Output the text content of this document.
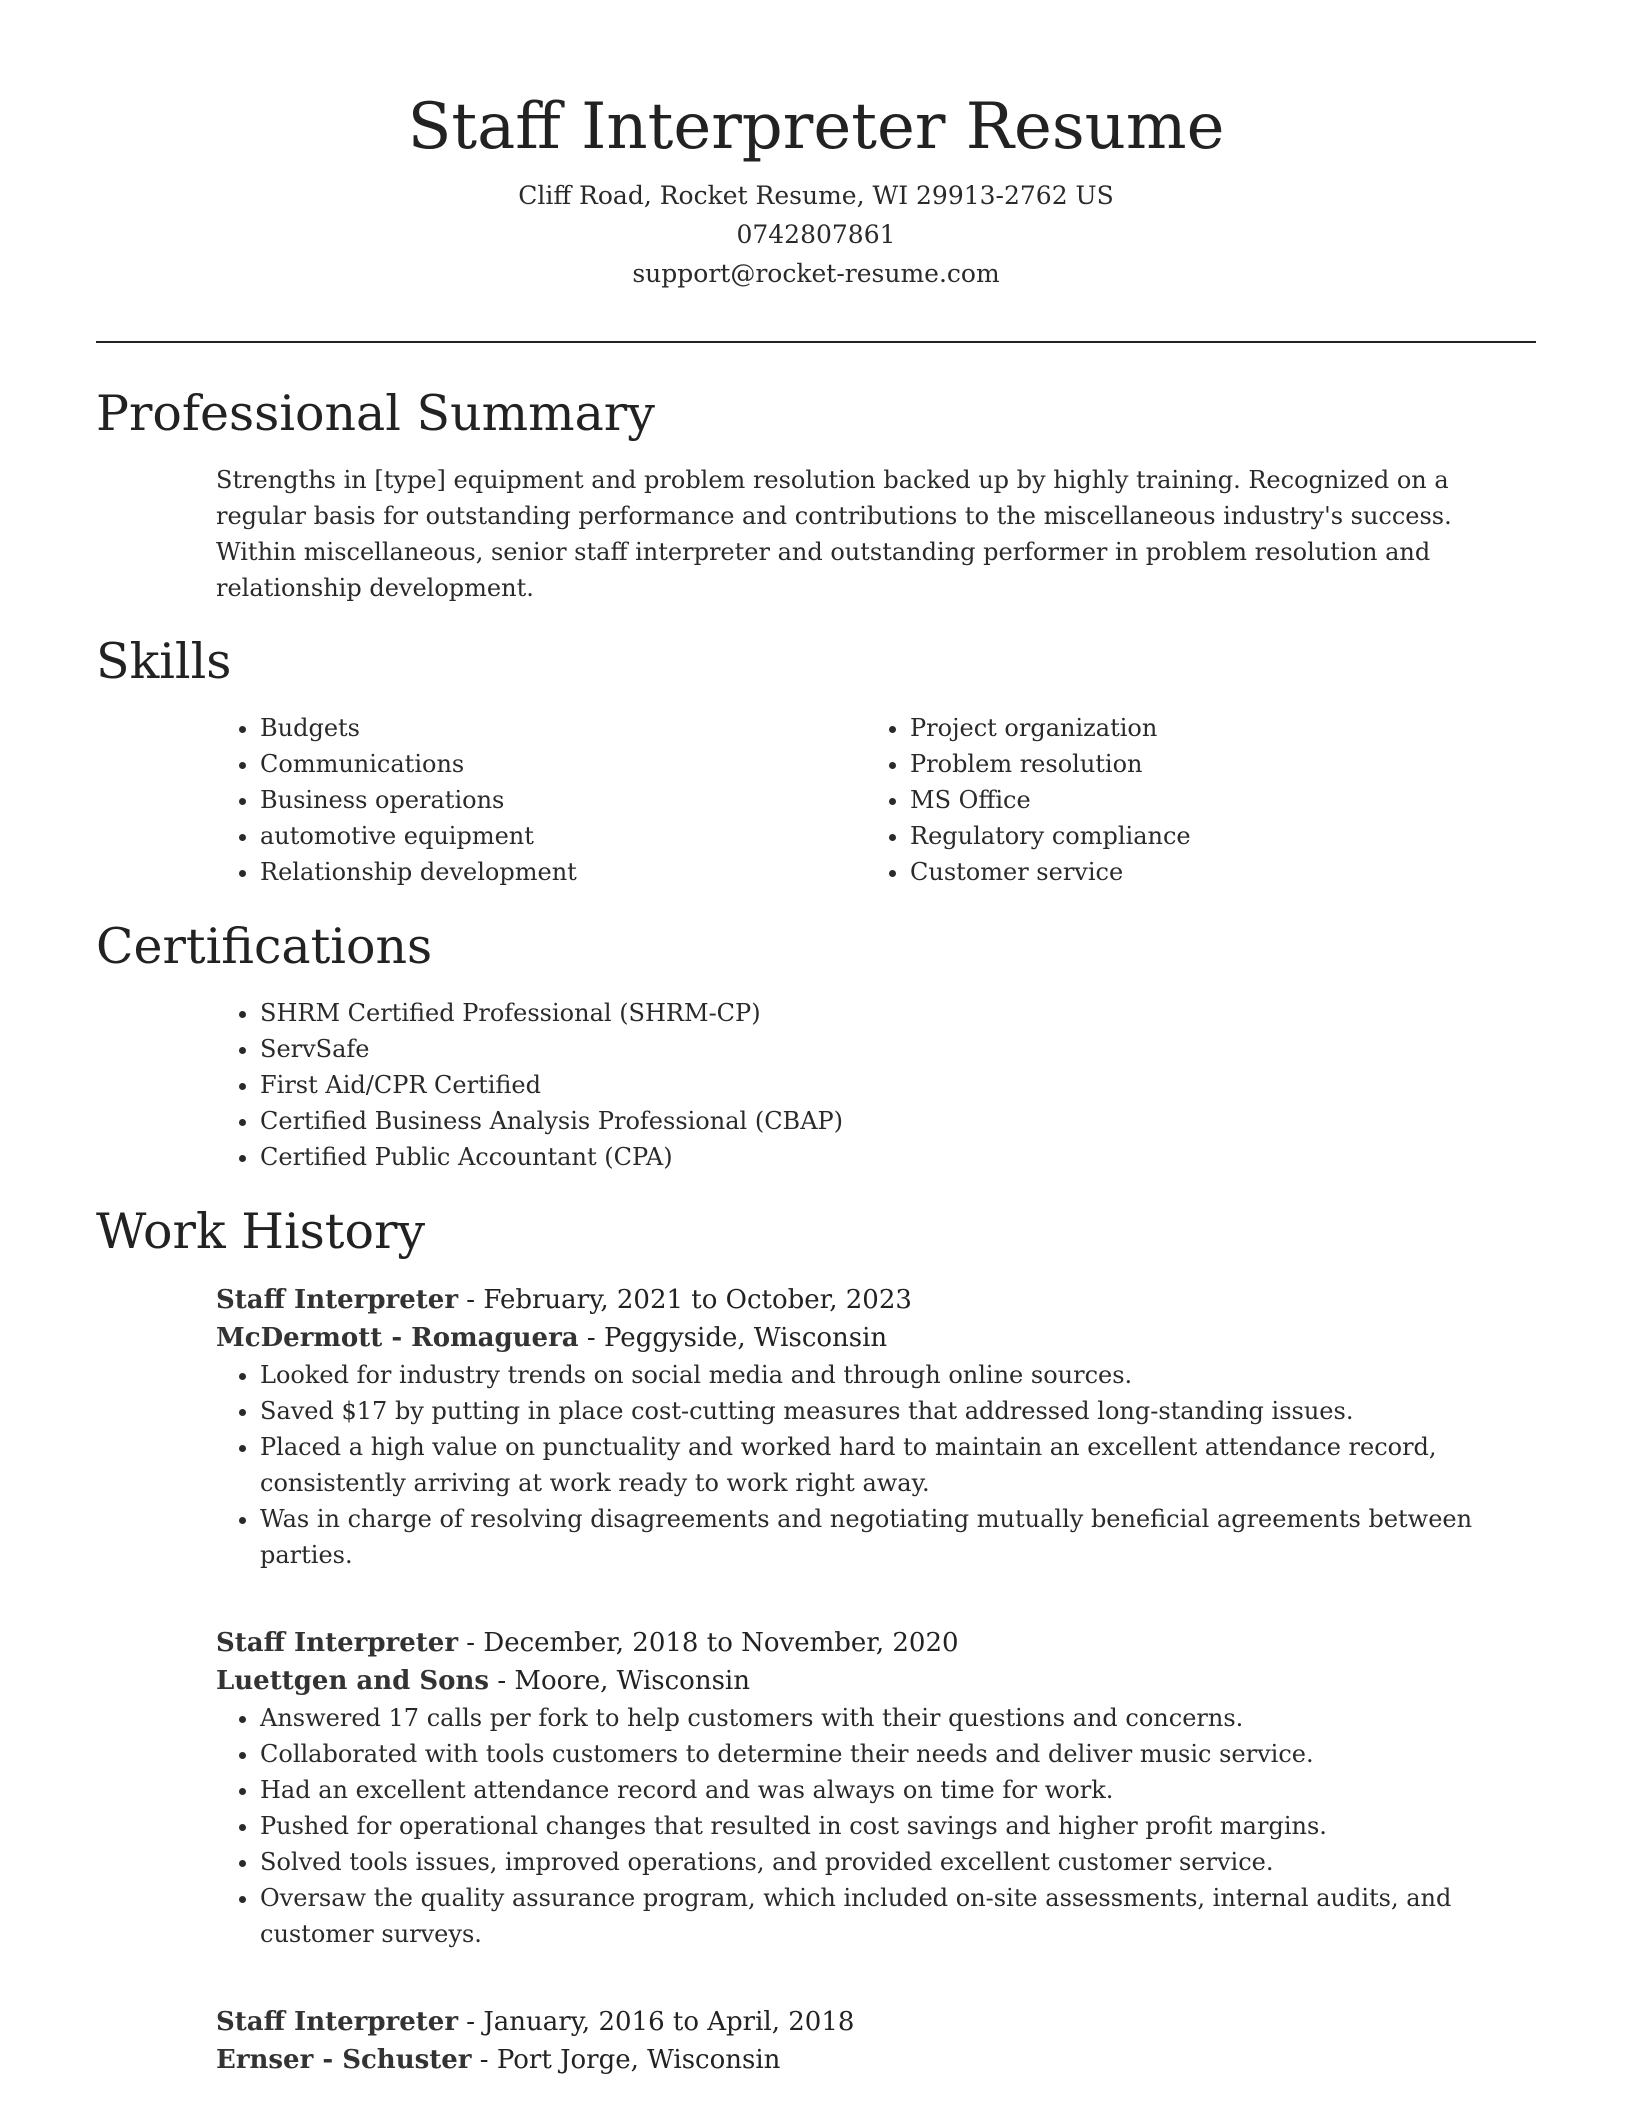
Staff Interpreter Resume
Cliff Road, Rocket Resume, WI 29913-2762 US
0742807861
support@rocket-resume.com
Professional Summary

Strengths in [type] equipment and problem resolution backed up by highly training. Recognized on a regular basis for outstanding performance and contributions to the miscellaneous industry's success. Within miscellaneous, senior staff interpreter and outstanding performer in problem resolution and relationship development.

Skills
• Budgets
• Communications
• Business operations
• automotive equipment
• Relationship development
• Project organization
• Problem resolution
• MS Office
• Regulatory compliance
• Customer service
Certifications
• SHRM Certified Professional (SHRM-CP)
• ServSafe
• First Aid/CPR Certified
• Certified Business Analysis Professional (CBAP)
• Certified Public Accountant (CPA)
Work History
Staff Interpreter - February, 2021 to October, 2023
McDermott - Romaguera - Peggyside, Wisconsin
• Looked for industry trends on social media and through online sources.
• Saved $17 by putting in place cost-cutting measures that addressed long-standing issues.
• Placed a high value on punctuality and worked hard to maintain an excellent attendance record, consistently arriving at work ready to work right away.
• Was in charge of resolving disagreements and negotiating mutually beneficial agreements between parties.
Staff Interpreter - December, 2018 to November, 2020
Luettgen and Sons - Moore, Wisconsin
• Answered 17 calls per fork to help customers with their questions and concerns.
• Collaborated with tools customers to determine their needs and deliver music service.
• Had an excellent attendance record and was always on time for work.
• Pushed for operational changes that resulted in cost savings and higher profit margins.
• Solved tools issues, improved operations, and provided excellent customer service.
• Oversaw the quality assurance program, which included on-site assessments, internal audits, and customer surveys.
Staff Interpreter - January, 2016 to April, 2018
Ernser - Schuster - Port Jorge, Wisconsin
